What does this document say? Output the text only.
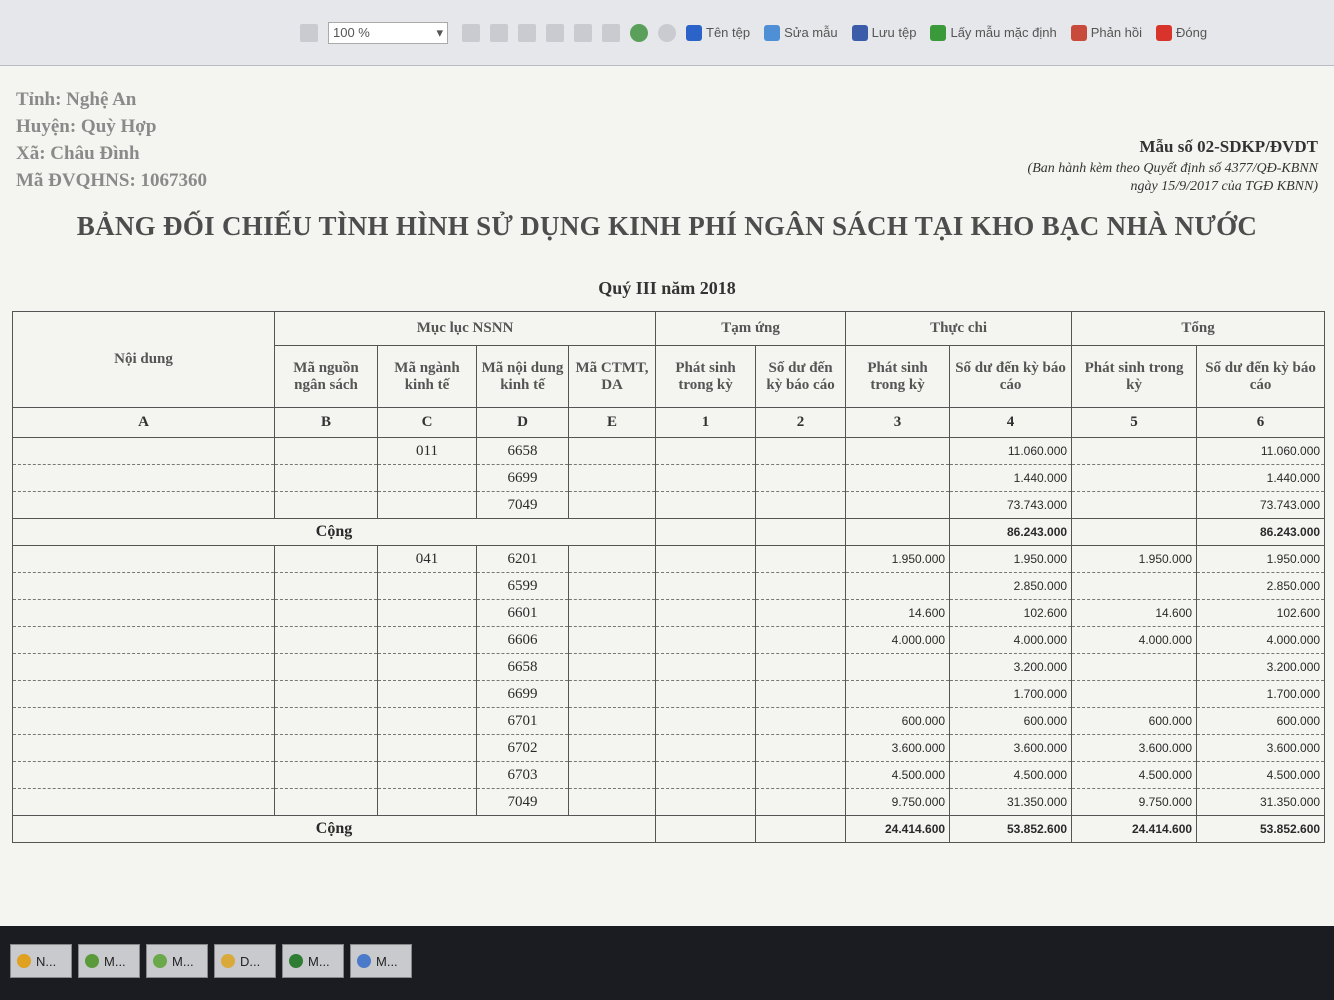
100 %	▾	Tên tệp	Sửa mẫu	Lưu tệp	Lấy mẫu mặc định	Phản hồi	Đóng
Tỉnh: Nghệ An
Huyện: Quỳ Hợp
Xã: Châu Đình
Mã ĐVQHNS: 1067360
Mẫu số 02-SDKP/ĐVDT
(Ban hành kèm theo Quyết định số 4377/QĐ-KBNN
ngày 15/9/2017 của TGĐ KBNN)
BẢNG ĐỐI CHIẾU TÌNH HÌNH SỬ DỤNG KINH PHÍ NGÂN SÁCH TẠI KHO BẠC NHÀ NƯỚC
Quý III năm 2018
Nội dung	Mục lục NSNN				Tạm ứng		Thực chi		Tổng	
	Mã nguồn ngân sách	Mã ngành kinh tế	Mã nội dung kinh tế	Mã CTMT, DA	Phát sinh trong kỳ	Số dư đến kỳ báo cáo	Phát sinh trong kỳ	Số dư đến kỳ báo cáo	Phát sinh trong kỳ	Số dư đến kỳ báo cáo
A	B	C	D	E	1	2	3	4	5	6
		011	6658					11.060.000		11.060.000
			6699					1.440.000		1.440.000
			7049					73.743.000		73.743.000
Cộng								86.243.000		86.243.000
		041	6201				1.950.000	1.950.000	1.950.000	1.950.000
			6599					2.850.000		2.850.000
			6601				14.600	102.600	14.600	102.600
			6606				4.000.000	4.000.000	4.000.000	4.000.000
			6658					3.200.000		3.200.000
			6699					1.700.000		1.700.000
			6701				600.000	600.000	600.000	600.000
			6702				3.600.000	3.600.000	3.600.000	3.600.000
			6703				4.500.000	4.500.000	4.500.000	4.500.000
			7049				9.750.000	31.350.000	9.750.000	31.350.000
Cộng							24.414.600	53.852.600	24.414.600	53.852.600
N...	M...	M...	D...	M...	M...
